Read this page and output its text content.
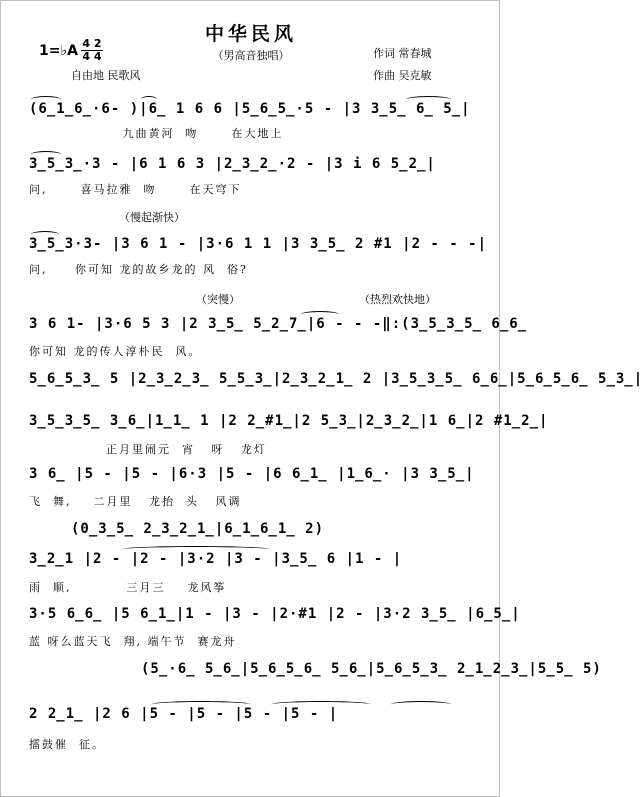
中华民风
（男高音独唱）
1=♭A 4 2
4 4
自由地 民歌风
作词 常春城
作曲 吴克敏
(6̲1̲6̲·6- )|6̲ 1 6 6 |5̲6̲5̲·5 - |3 3̲5̲ 6̲ 5̲|
九曲黄河  吻      在大地上
3̲5̲3̲·3 - |6 1 6 3 |2̲3̲2̲·2 - |3 i 6 5̲2̲|
问,      喜马拉雅  吻      在天穹下
（慢起渐快）
3̲5̲3·3- |3 6 1 - |3·6 1 1 |3 3̲5̲ 2 #1 |2 - - -|
问,     你可知 龙的故乡龙的 风  俗?
（突慢）	（热烈欢快地）
3 6 1- |3·6 5 3 |2 3̲5̲ 5̲2̲7̲|6 - - -‖:(3̲5̲3̲5̲ 6̲6̲
你可知 龙的传人淳朴民  风。
5̲6̲5̲3̲ 5 |2̲3̲2̲3̲ 5̲5̲3̲|2̲3̲2̲1̲ 2 |3̲5̲3̲5̲ 6̲6̲|5̲6̲5̲6̲ 5̲3̲|
3̲5̲3̲5̲ 3̲6̲|1̲1̲ 1 |2 2̲#1̲|2 5̲3̲|2̲3̲2̲|1 6̲|2 #1̲2̲|
正月里闹元  宵   呀   龙灯
3 6̲ |5 - |5 - |6·3 |5 - |6 6̲1̲ |1̲6̲· |3 3̲5̲|
飞  舞,    二月里   龙抬  头   风调
(0̲3̲5̲ 2̲3̲2̲1̲|6̲1̲6̲1̲ 2)
3̲2̲1 |2 - |2 - |3·2 |3 - |3̲5̲ 6 |1 - |
雨  顺,          三月三    龙风筝
3·5 6̲6̲ |5 6̲1̲|1 - |3 - |2·#1 |2 - |3·2 3̲5̲ |6̲5̲|
蓝 呀么蓝天飞  翔, 端午节  赛龙舟
(5̲·6̲ 5̲6̲|5̲6̲5̲6̲ 5̲6̲|5̲6̲5̲3̲ 2̲1̲2̲3̲|5̲5̲ 5)
2 2̲1̲ |2 6 |5 - |5 - |5 - |5 - |
擂鼓催  征。
